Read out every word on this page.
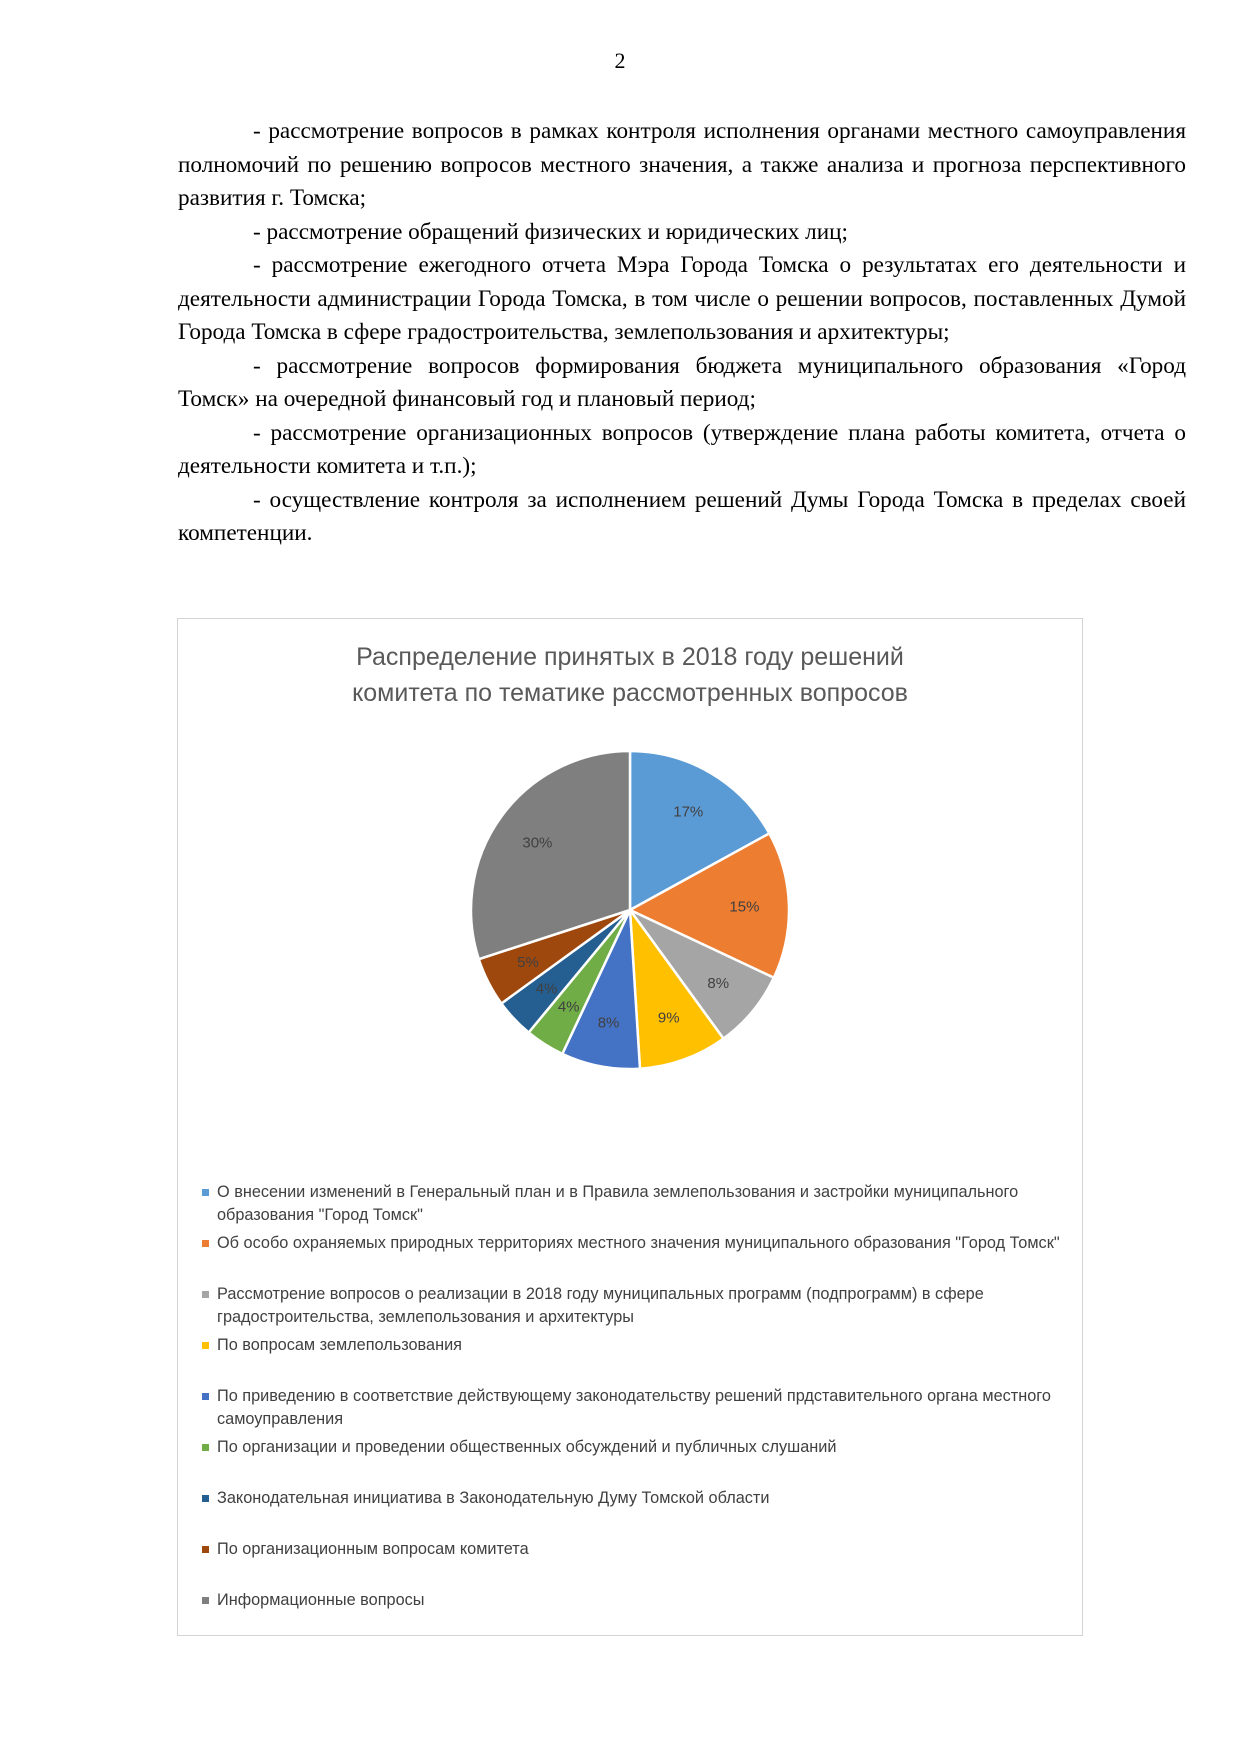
2

- рассмотрение вопросов в рамках контроля исполнения органами местного самоуправления полномочий по решению вопросов местного значения, а также анализа и прогноза перспективного развития г. Томска;

- рассмотрение обращений физических и юридических лиц;

- рассмотрение ежегодного отчета Мэра Города Томска о результатах его деятельности и деятельности администрации Города Томска, в том числе о решении вопросов, поставленных Думой Города Томска в сфере градостроительства, землепользования и архитектуры;

- рассмотрение вопросов формирования бюджета муниципального образования «Город Томск» на очередной финансовый год и плановый период;

- рассмотрение организационных вопросов (утверждение плана работы комитета, отчета о деятельности комитета и т.п.);

- осуществление контроля за исполнением решений Думы Города Томска в пределах своей компетенции.

17%
15%
8%
9%
8%
4%
4%
5%
30%
Распределение принятых в 2018 году решений
комитета по тематике рассмотренных вопросов
О внесении изменений в Генеральный план и в Правила землепользования и застройки муниципального образования "Город Томск"
Об особо охраняемых природных территориях местного значения муниципального образования "Город Томск"
Рассмотрение вопросов о реализации в 2018 году муниципальных программ (подпрограмм) в сфере градостроительства, землепользования и архитектуры
По вопросам землепользования
По приведению в соответствие действующему законодательству решений прдставительного органа местного самоуправления
По организации и проведении общественных обсуждений и публичных слушаний
Законодательная инициатива в Законодательную Думу Томской области
По организационным вопросам комитета
Информационные вопросы
